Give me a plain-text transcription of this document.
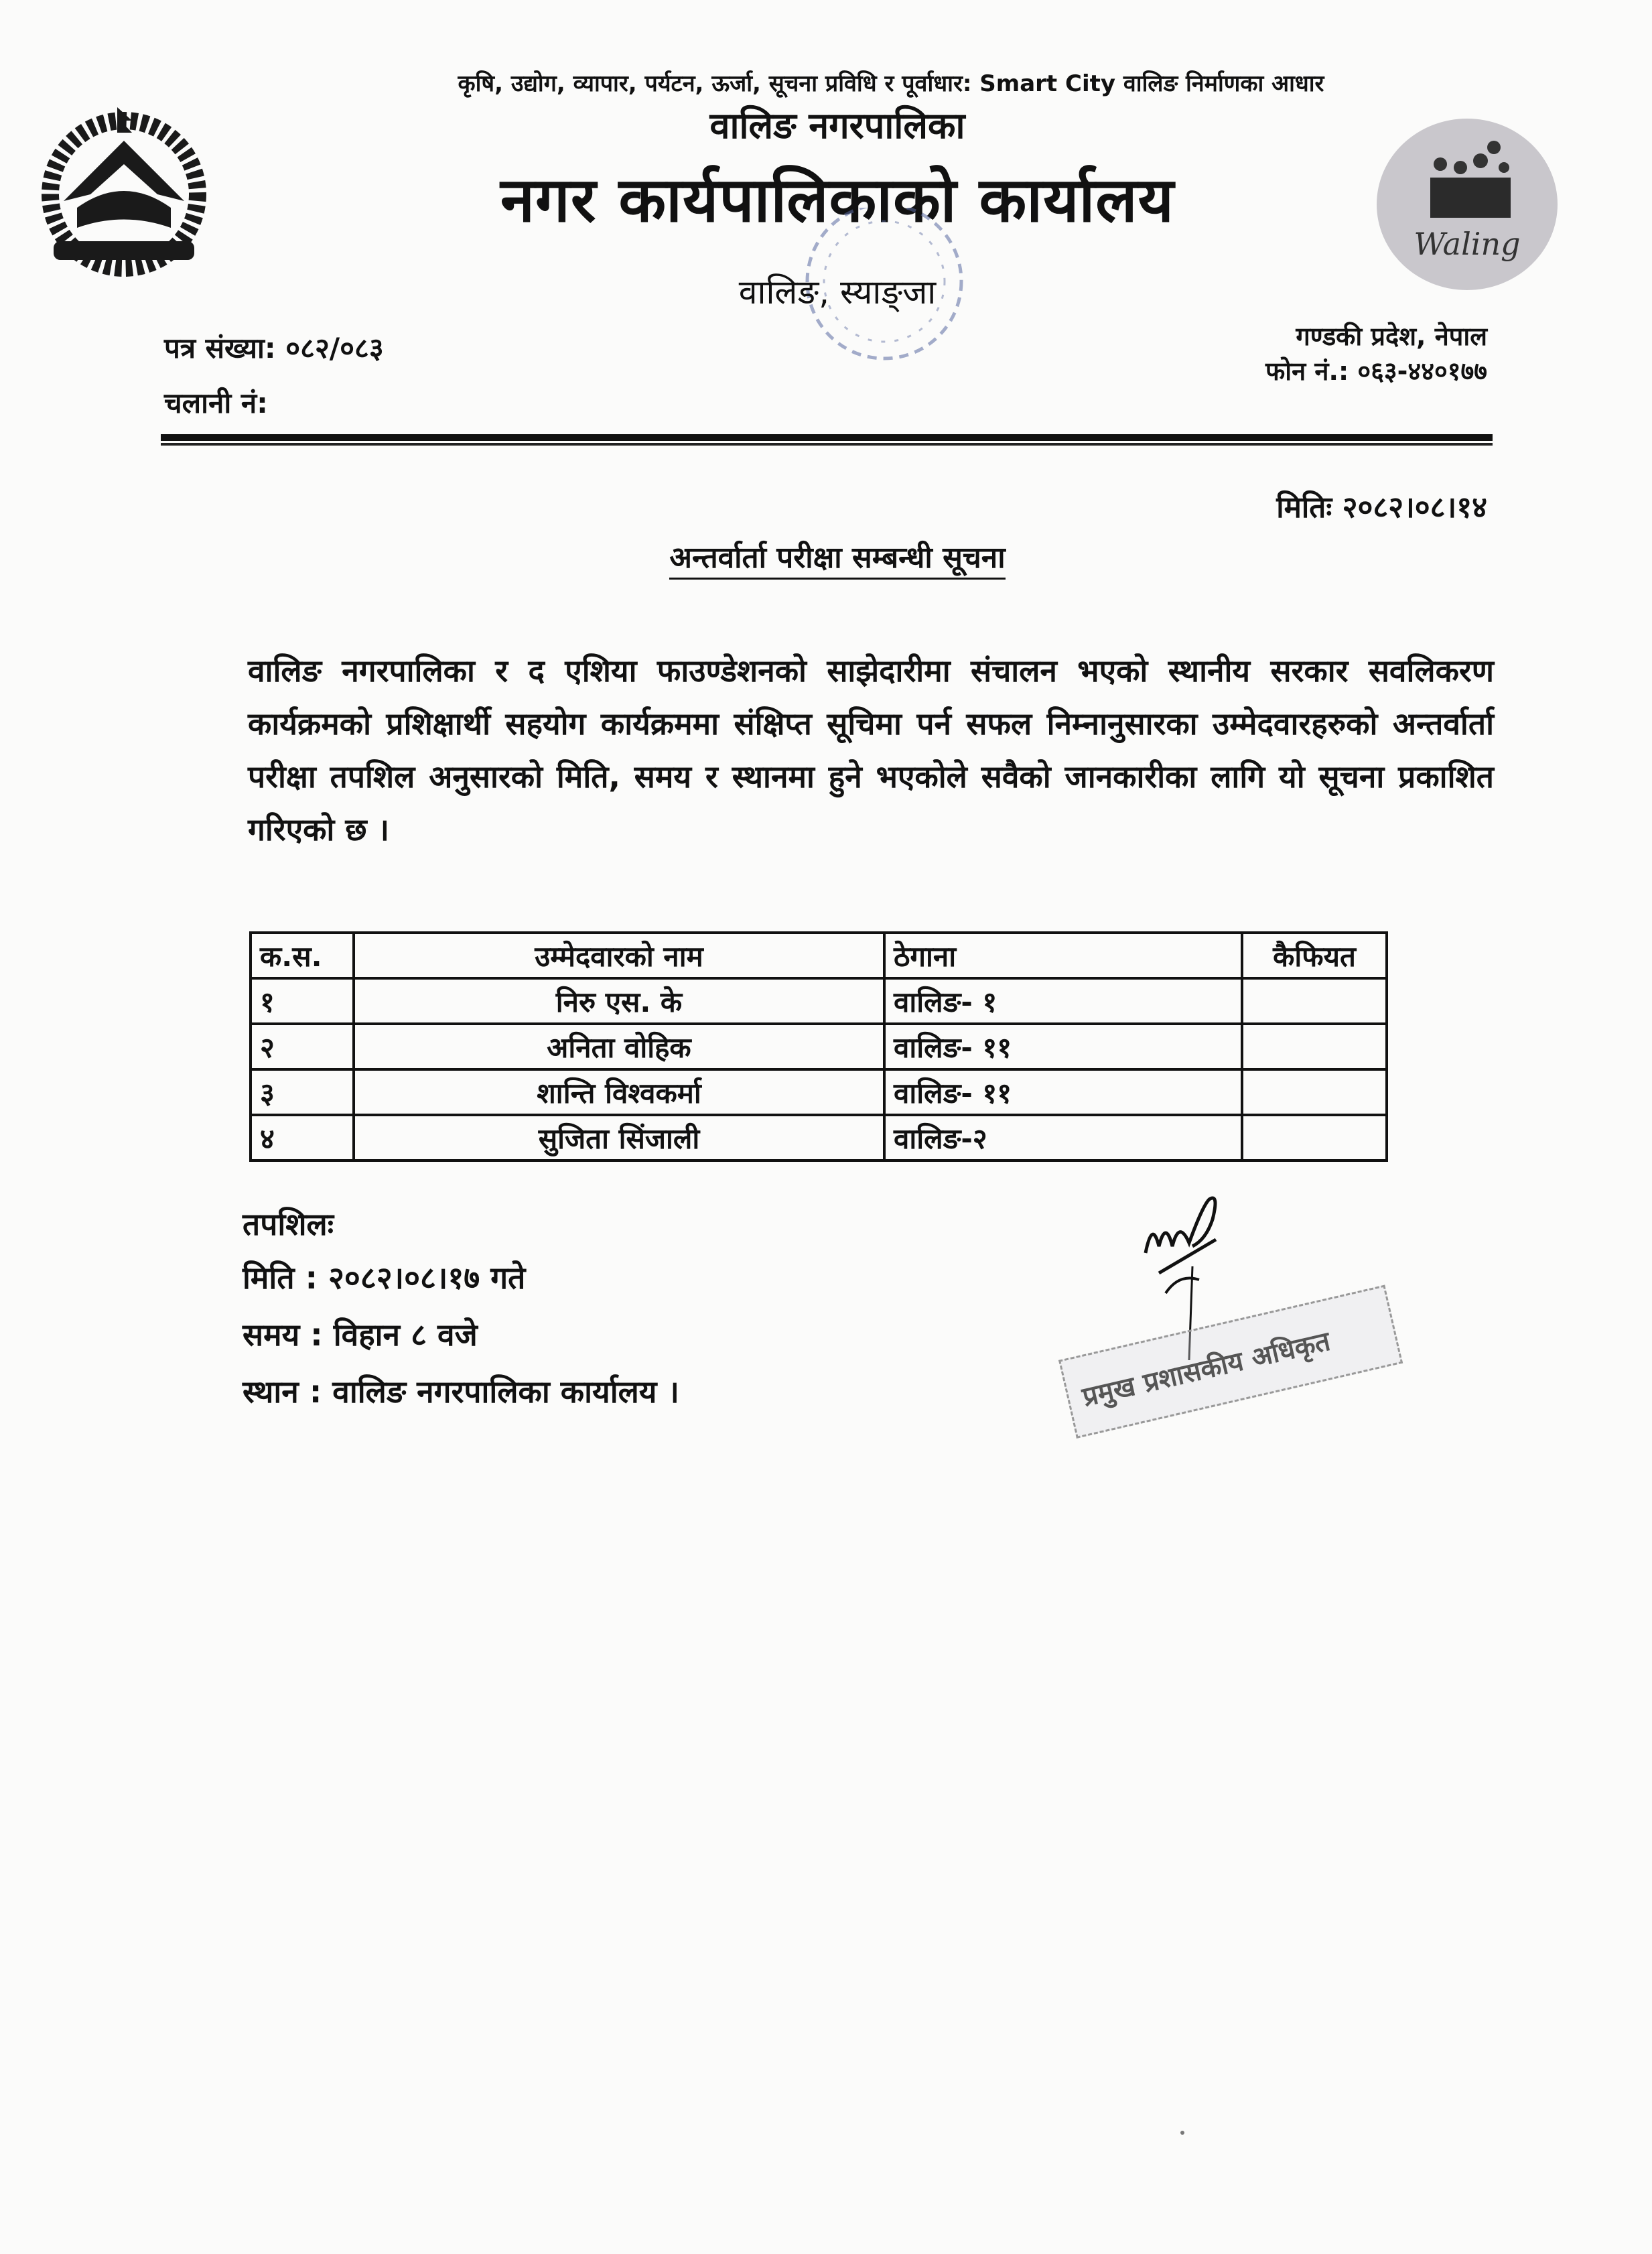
Waling
कृषि, उद्योग, व्यापार, पर्यटन, ऊर्जा, सूचना प्रविधि र पूर्वाधार: Smart City वालिङ निर्माणका आधार
वालिङ नगरपालिका
नगर कार्यपालिकाको कार्यालय
वालिङ, स्याङ्जा
पत्र संख्या: ०८२/०८३
चलानी नं:
गण्डकी प्रदेश, नेपाल
फोन नं.: ०६३-४४०१७७
मितिः २०८२।०८।१४
अन्तर्वार्ता परीक्षा सम्बन्धी सूचना
वालिङ नगरपालिका र द एशिया फाउण्डेशनको साझेदारीमा संचालन भएको स्थानीय सरकार सवलिकरण कार्यक्रमको प्रशिक्षार्थी सहयोग कार्यक्रममा संक्षिप्त सूचिमा पर्न सफल निम्नानुसारका उम्मेदवारहरुको अन्तर्वार्ता परीक्षा तपशिल अनुसारको मिति, समय र स्थानमा हुने भएकोले सवैको जानकारीका लागि यो सूचना प्रकाशित गरिएको छ ।
क.स.	उम्मेदवारको नाम	ठेगाना	कैफियत
१	निरु एस. के	वालिङ- १	
२	अनिता वोहिक	वालिङ- ११	
३	शान्ति विश्वकर्मा	वालिङ- ११	
४	सुजिता सिंजाली	वालिङ-२	
तपशिलः
मिति : २०८२।०८।१७ गते
समय : विहान ८ वजे
स्थान : वालिङ नगरपालिका कार्यालय ।	प्रमुख प्रशासकीय अधिकृत
